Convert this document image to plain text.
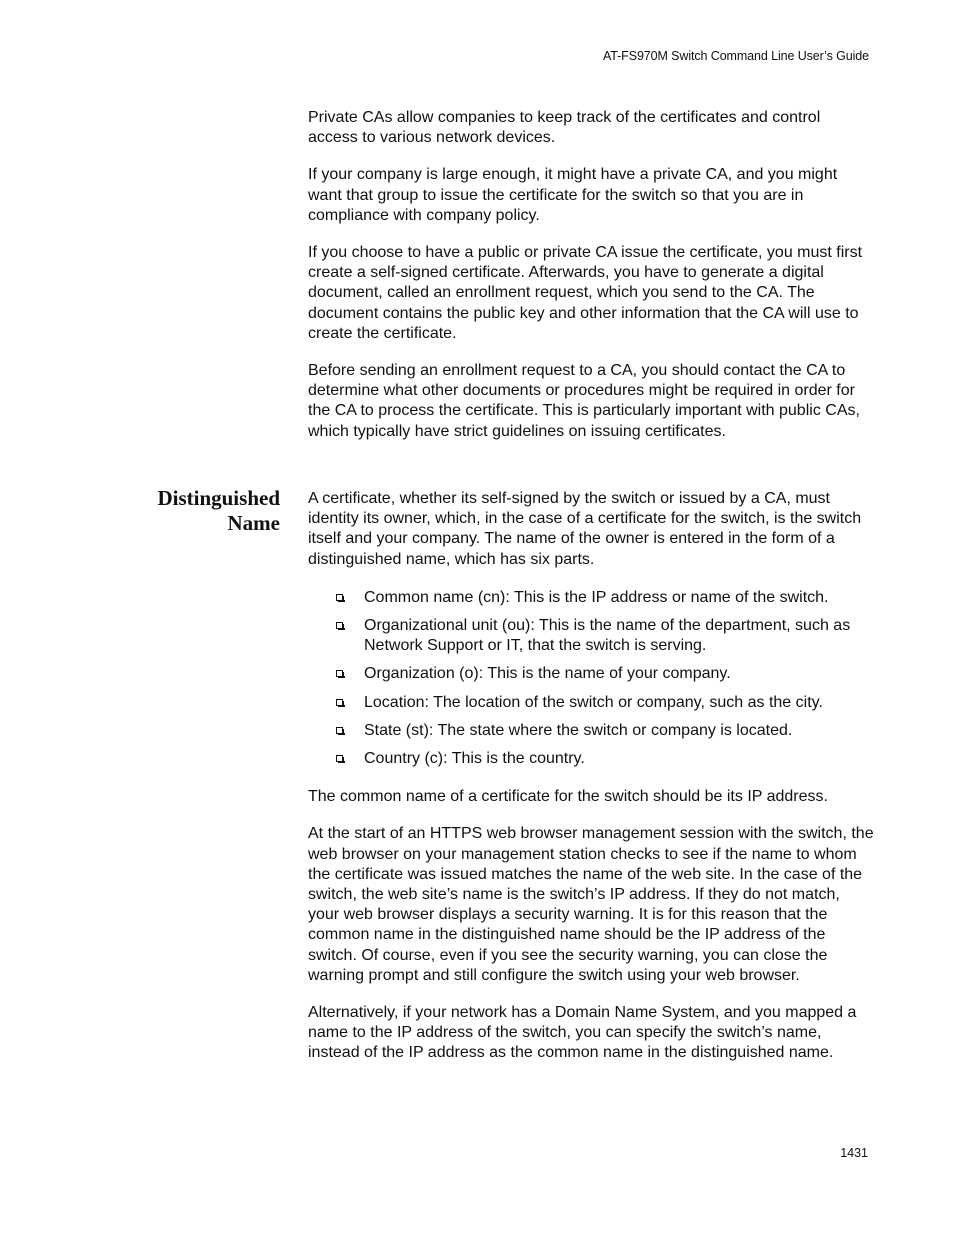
AT-FS970M Switch Command Line User’s Guide

Private CAs allow companies to keep track of the certificates and control access to various network devices.

If your company is large enough, it might have a private CA, and you might want that group to issue the certificate for the switch so that you are in compliance with company policy.

If you choose to have a public or private CA issue the certificate, you must first create a self-signed certificate. Afterwards, you have to generate a digital document, called an enrollment request, which you send to the CA. The document contains the public key and other information that the CA will use to create the certificate.

Before sending an enrollment request to a CA, you should contact the CA to determine what other documents or procedures might be required in order for the CA to process the certificate. This is particularly important with public CAs, which typically have strict guidelines on issuing certificates.

Distinguished
Name

A certificate, whether its self-signed by the switch or issued by a CA, must identity its owner, which, in the case of a certificate for the switch, is the switch itself and your company. The name of the owner is entered in the form of a distinguished name, which has six parts.

Common name (cn): This is the IP address or name of the switch.
Organizational unit (ou): This is the name of the department, such as Network Support or IT, that the switch is serving.
Organization (o): This is the name of your company.
Location: The location of the switch or company, such as the city.
State (st): The state where the switch or company is located.
Country (c): This is the country.

The common name of a certificate for the switch should be its IP address.

At the start of an HTTPS web browser management session with the switch, the web browser on your management station checks to see if the name to whom the certificate was issued matches the name of the web site. In the case of the switch, the web site’s name is the switch’s IP address. If they do not match, your web browser displays a security warning. It is for this reason that the common name in the distinguished name should be the IP address of the switch. Of course, even if you see the security warning, you can close the warning prompt and still configure the switch using your web browser.

Alternatively, if your network has a Domain Name System, and you mapped a name to the IP address of the switch, you can specify the switch’s name, instead of the IP address as the common name in the distinguished name.

1431
